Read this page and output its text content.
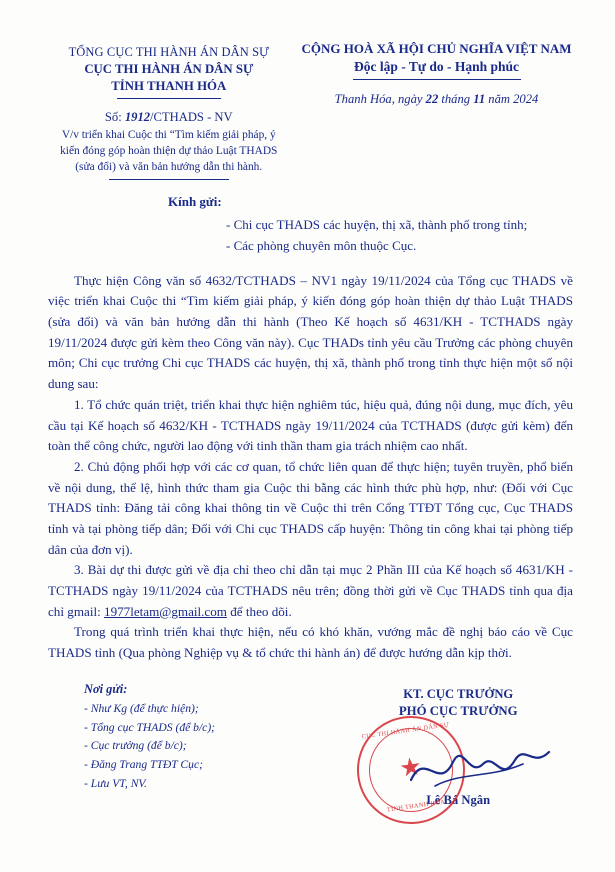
TỔNG CỤC THI HÀNH ÁN DÂN SỰ
CỤC THI HÀNH ÁN DÂN SỰ
TỈNH THANH HÓA
CỘNG HOÀ XÃ HỘI CHỦ NGHĨA VIỆT NAM
Độc lập - Tự do - Hạnh phúc
Thanh Hóa, ngày 22 tháng 11 năm 2024
Số: 1912/CTHADS - NV
V/v triển khai Cuộc thi “Tìm kiếm giải pháp, ý
kiến đóng góp hoàn thiện dự thảo Luật THADS
(sửa đổi) và văn bản hướng dẫn thi hành.
Kính gửi:
- Chi cục THADS các huyện, thị xã, thành phố trong tỉnh;
- Các phòng chuyên môn thuộc Cục.

Thực hiện Công văn số 4632/TCTHADS – NV1 ngày 19/11/2024 của Tổng cục THADS về việc triển khai Cuộc thi “Tìm kiếm giải pháp, ý kiến đóng góp hoàn thiện dự thảo Luật THADS (sửa đổi) và văn bản hướng dẫn thi hành (Theo Kế hoạch số 4631/KH - TCTHADS ngày 19/11/2024 được gửi kèm theo Công văn này). Cục THADs tỉnh yêu cầu Trưởng các phòng chuyên môn; Chi cục trưởng Chi cục THADS các huyện, thị xã, thành phố trong tỉnh thực hiện một số nội dung sau:

1. Tổ chức quán triệt, triển khai thực hiện nghiêm túc, hiệu quả, đúng nội dung, mục đích, yêu cầu tại Kế hoạch số 4632/KH - TCTHADS ngày 19/11/2024 của TCTHADS (được gửi kèm) đến toàn thể công chức, người lao động với tinh thần tham gia trách nhiệm cao nhất.

2. Chủ động phối hợp với các cơ quan, tổ chức liên quan để thực hiện; tuyên truyền, phổ biến về nội dung, thể lệ, hình thức tham gia Cuộc thi bằng các hình thức phù hợp, như: (Đối với Cục THADS tỉnh: Đăng tải công khai thông tin về Cuộc thi trên Cổng TTĐT Tổng cục, Cục THADS tỉnh và tại phòng tiếp dân; Đối với Chi cục THADS cấp huyện: Thông tin công khai tại phòng tiếp dân của đơn vị).

3. Bài dự thi được gửi về địa chỉ theo chỉ dẫn tại mục 2 Phần III của Kế hoạch số 4631/KH - TCTHADS ngày 19/11/2024 của TCTHADS nêu trên; đồng thời gửi về Cục THADS tỉnh qua địa chỉ gmail: 1977letam@gmail.com để theo dõi.

Trong quá trình triển khai thực hiện, nếu có khó khăn, vướng mắc đề nghị báo cáo về Cục THADS tỉnh (Qua phòng Nghiệp vụ & tổ chức thi hành án) để được hướng dẫn kịp thời.

Nơi gửi:
- Như Kg (để thực hiện);
- Tổng cục THADS (để b/c);
- Cục trưởng (để b/c);
- Đăng Trang TTĐT Cục;
- Lưu VT, NV.
KT. CỤC TRƯỞNG
PHÓ CỤC TRƯỞNG
CỤC THI HÀNH ÁN DÂN SỰ
★
TỈNH THANH HÓA
Lê Bá Ngân
